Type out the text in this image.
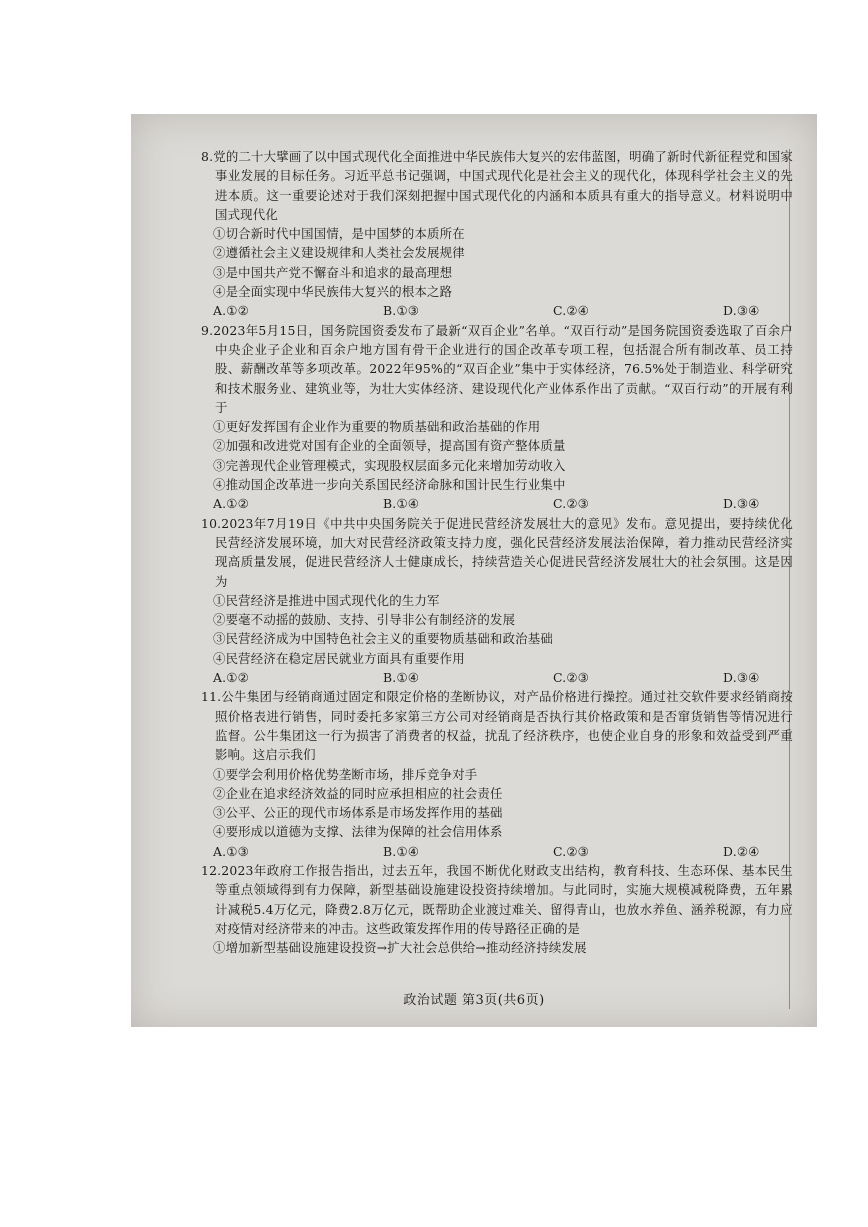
8.党的二十大擘画了以中国式现代化全面推进中华民族伟大复兴的宏伟蓝图，明确了新时代新征程党和国家事业发展的目标任务。习近平总书记强调，中国式现代化是社会主义的现代化，体现科学社会主义的先进本质。这一重要论述对于我们深刻把握中国式现代化的内涵和本质具有重大的指导意义。材料说明中国式现代化

①切合新时代中国国情，是中国梦的本质所在

②遵循社会主义建设规律和人类社会发展规律

③是中国共产党不懈奋斗和追求的最高理想

④是全面实现中华民族伟大复兴的根本之路

A.①②	B.①③	C.②④	D.③④

9.2023年5月15日，国务院国资委发布了最新“双百企业”名单。“双百行动”是国务院国资委选取了百余户中央企业子企业和百余户地方国有骨干企业进行的国企改革专项工程，包括混合所有制改革、员工持股、薪酬改革等多项改革。2022年95%的“双百企业”集中于实体经济，76.5%处于制造业、科学研究和技术服务业、建筑业等，为壮大实体经济、建设现代化产业体系作出了贡献。“双百行动”的开展有利于

①更好发挥国有企业作为重要的物质基础和政治基础的作用

②加强和改进党对国有企业的全面领导，提高国有资产整体质量

③完善现代企业管理模式，实现股权层面多元化来增加劳动收入

④推动国企改革进一步向关系国民经济命脉和国计民生行业集中

A.①②	B.①④	C.②③	D.③④

10.2023年7月19日《中共中央国务院关于促进民营经济发展壮大的意见》发布。意见提出，要持续优化民营经济发展环境，加大对民营经济政策支持力度，强化民营经济发展法治保障，着力推动民营经济实现高质量发展，促进民营经济人士健康成长，持续营造关心促进民营经济发展壮大的社会氛围。这是因为

①民营经济是推进中国式现代化的生力军

②要毫不动摇的鼓励、支持、引导非公有制经济的发展

③民营经济成为中国特色社会主义的重要物质基础和政治基础

④民营经济在稳定居民就业方面具有重要作用

A.①②	B.①④	C.②③	D.③④

11.公牛集团与经销商通过固定和限定价格的垄断协议，对产品价格进行操控。通过社交软件要求经销商按照价格表进行销售，同时委托多家第三方公司对经销商是否执行其价格政策和是否窜货销售等情况进行监督。公牛集团这一行为损害了消费者的权益，扰乱了经济秩序，也使企业自身的形象和效益受到严重影响。这启示我们

①要学会利用价格优势垄断市场，排斥竞争对手

②企业在追求经济效益的同时应承担相应的社会责任

③公平、公正的现代市场体系是市场发挥作用的基础

④要形成以道德为支撑、法律为保障的社会信用体系

A.①③	B.①④	C.②③	D.②④

12.2023年政府工作报告指出，过去五年，我国不断优化财政支出结构，教育科技、生态环保、基本民生等重点领域得到有力保障，新型基础设施建设投资持续增加。与此同时，实施大规模减税降费，五年累计减税5.4万亿元，降费2.8万亿元，既帮助企业渡过难关、留得青山，也放水养鱼、涵养税源，有力应对疫情对经济带来的冲击。这些政策发挥作用的传导路径正确的是

①增加新型基础设施建设投资→扩大社会总供给→推动经济持续发展

政治试题 第3页(共6页)
